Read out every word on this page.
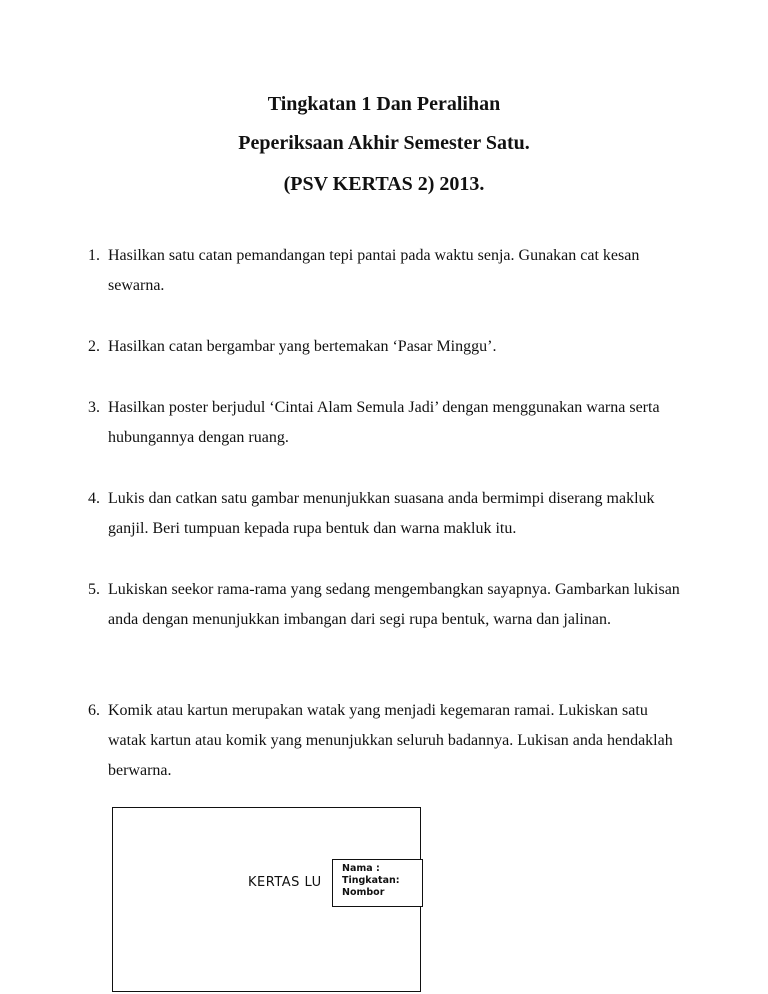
Tingkatan 1 Dan Peralihan
Peperiksaan Akhir Semester Satu.
(PSV KERTAS 2) 2013.
1. Hasilkan satu catan pemandangan tepi pantai pada waktu senja. Gunakan cat kesan sewarna.
2. Hasilkan catan bergambar yang bertemakan ‘Pasar Minggu’.
3. Hasilkan poster berjudul ‘Cintai Alam Semula Jadi’ dengan menggunakan warna serta hubungannya dengan ruang.
4. Lukis dan catkan satu gambar menunjukkan suasana anda bermimpi diserang makluk ganjil. Beri tumpuan kepada rupa bentuk dan warna makluk itu.
5. Lukiskan seekor rama-rama yang sedang mengembangkan sayapnya. Gambarkan lukisan anda dengan menunjukkan imbangan dari segi rupa bentuk, warna dan jalinan.
6. Komik atau kartun merupakan watak yang menjadi kegemaran ramai. Lukiskan satu watak kartun atau komik yang menunjukkan seluruh badannya. Lukisan anda hendaklah berwarna.
KERTAS LU
Nama :
Tingkatan:
Nombor
